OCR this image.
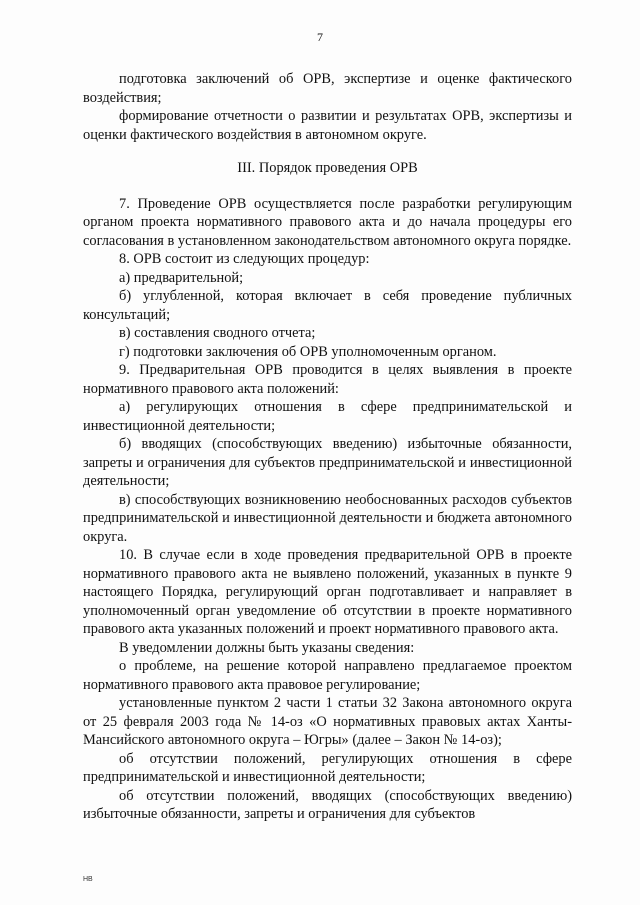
7

подготовка заключений об ОРВ, экспертизе и оценке фактического воздействия;

формирование отчетности о развитии и результатах ОРВ, экспертизы и оценки фактического воздействия в автономном округе.

III. Порядок проведения ОРВ

7. Проведение ОРВ осуществляется после разработки регулирующим органом проекта нормативного правового акта и до начала процедуры его согласования в установленном законодательством автономного округа порядке.

8. ОРВ состоит из следующих процедур:

а) предварительной;

б) углубленной, которая включает в себя проведение публичных консультаций;

в) составления сводного отчета;

г) подготовки заключения об ОРВ уполномоченным органом.

9. Предварительная ОРВ проводится в целях выявления в проекте нормативного правового акта положений:

а) регулирующих отношения в сфере предпринимательской и инвестиционной деятельности;

б) вводящих (способствующих введению) избыточные обязанности, запреты и ограничения для субъектов предпринимательской и инвестиционной деятельности;

в) способствующих возникновению необоснованных расходов субъектов предпринимательской и инвестиционной деятельности и бюджета автономного округа.

10. В случае если в ходе проведения предварительной ОРВ в проекте нормативного правового акта не выявлено положений, указанных в пункте 9 настоящего Порядка, регулирующий орган подготавливает и направляет в уполномоченный орган уведомление об отсутствии в проекте нормативного правового акта указанных положений и проект нормативного правового акта.

В уведомлении должны быть указаны сведения:

о проблеме, на решение которой направлено предлагаемое проектом нормативного правового акта правовое регулирование;

установленные пунктом 2 части 1 статьи 32 Закона автономного округа от 25 февраля 2003 года № 14-оз «О нормативных правовых актах Ханты-Мансийского автономного округа – Югры» (далее – Закон № 14-оз);

об отсутствии положений, регулирующих отношения в сфере предпринимательской и инвестиционной деятельности;

об отсутствии положений, вводящих (способствующих введению) избыточные обязанности, запреты и ограничения для субъектов

НВ
